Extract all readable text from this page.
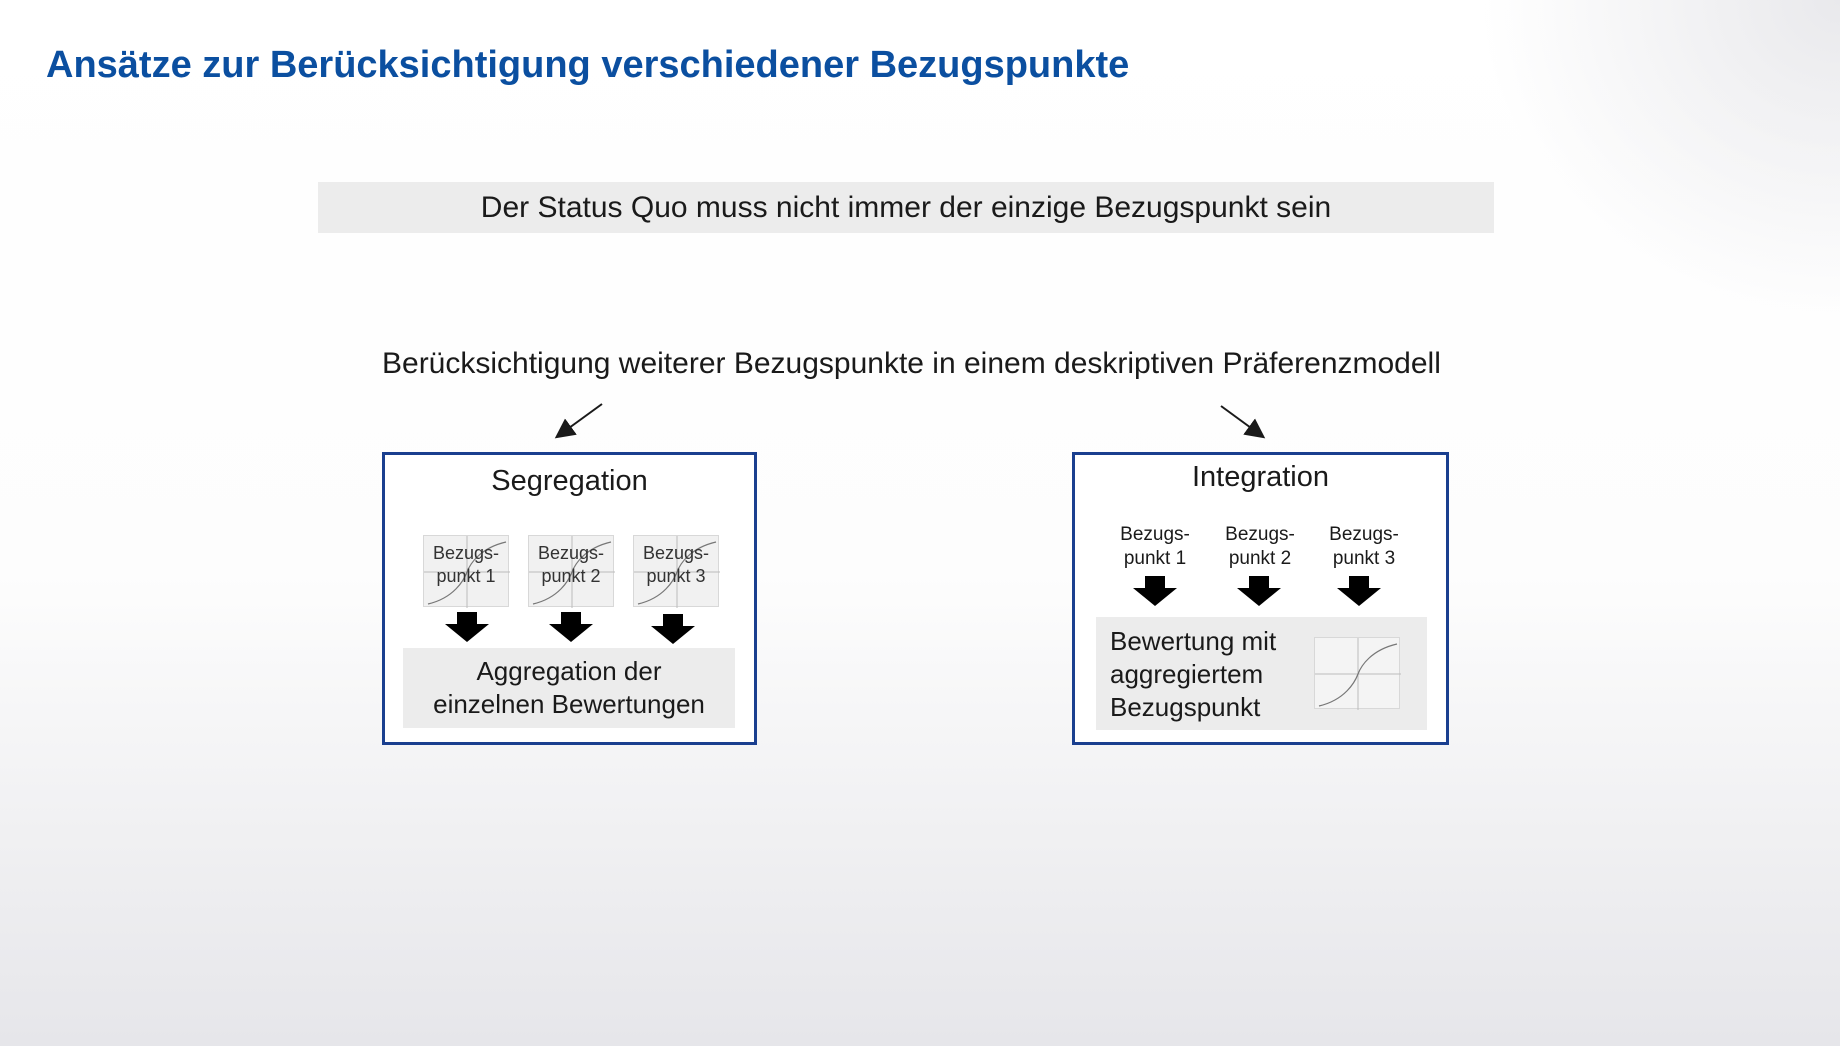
Ansätze zur Berücksichtigung verschiedener Bezugspunkte
Der Status Quo muss nicht immer der einzige Bezugspunkt sein
Berücksichtigung weiterer Bezugspunkte in einem deskriptiven Präferenzmodell
Segregation
Bezugs-
punkt 1
Bezugs-
punkt 2
Bezugs-
punkt 3
Aggregation der
einzelnen Bewertungen
Integration
Bezugs-
punkt 1
Bezugs-
punkt 2
Bezugs-
punkt 3
Bewertung mit
aggregiertem
Bezugspunkt
